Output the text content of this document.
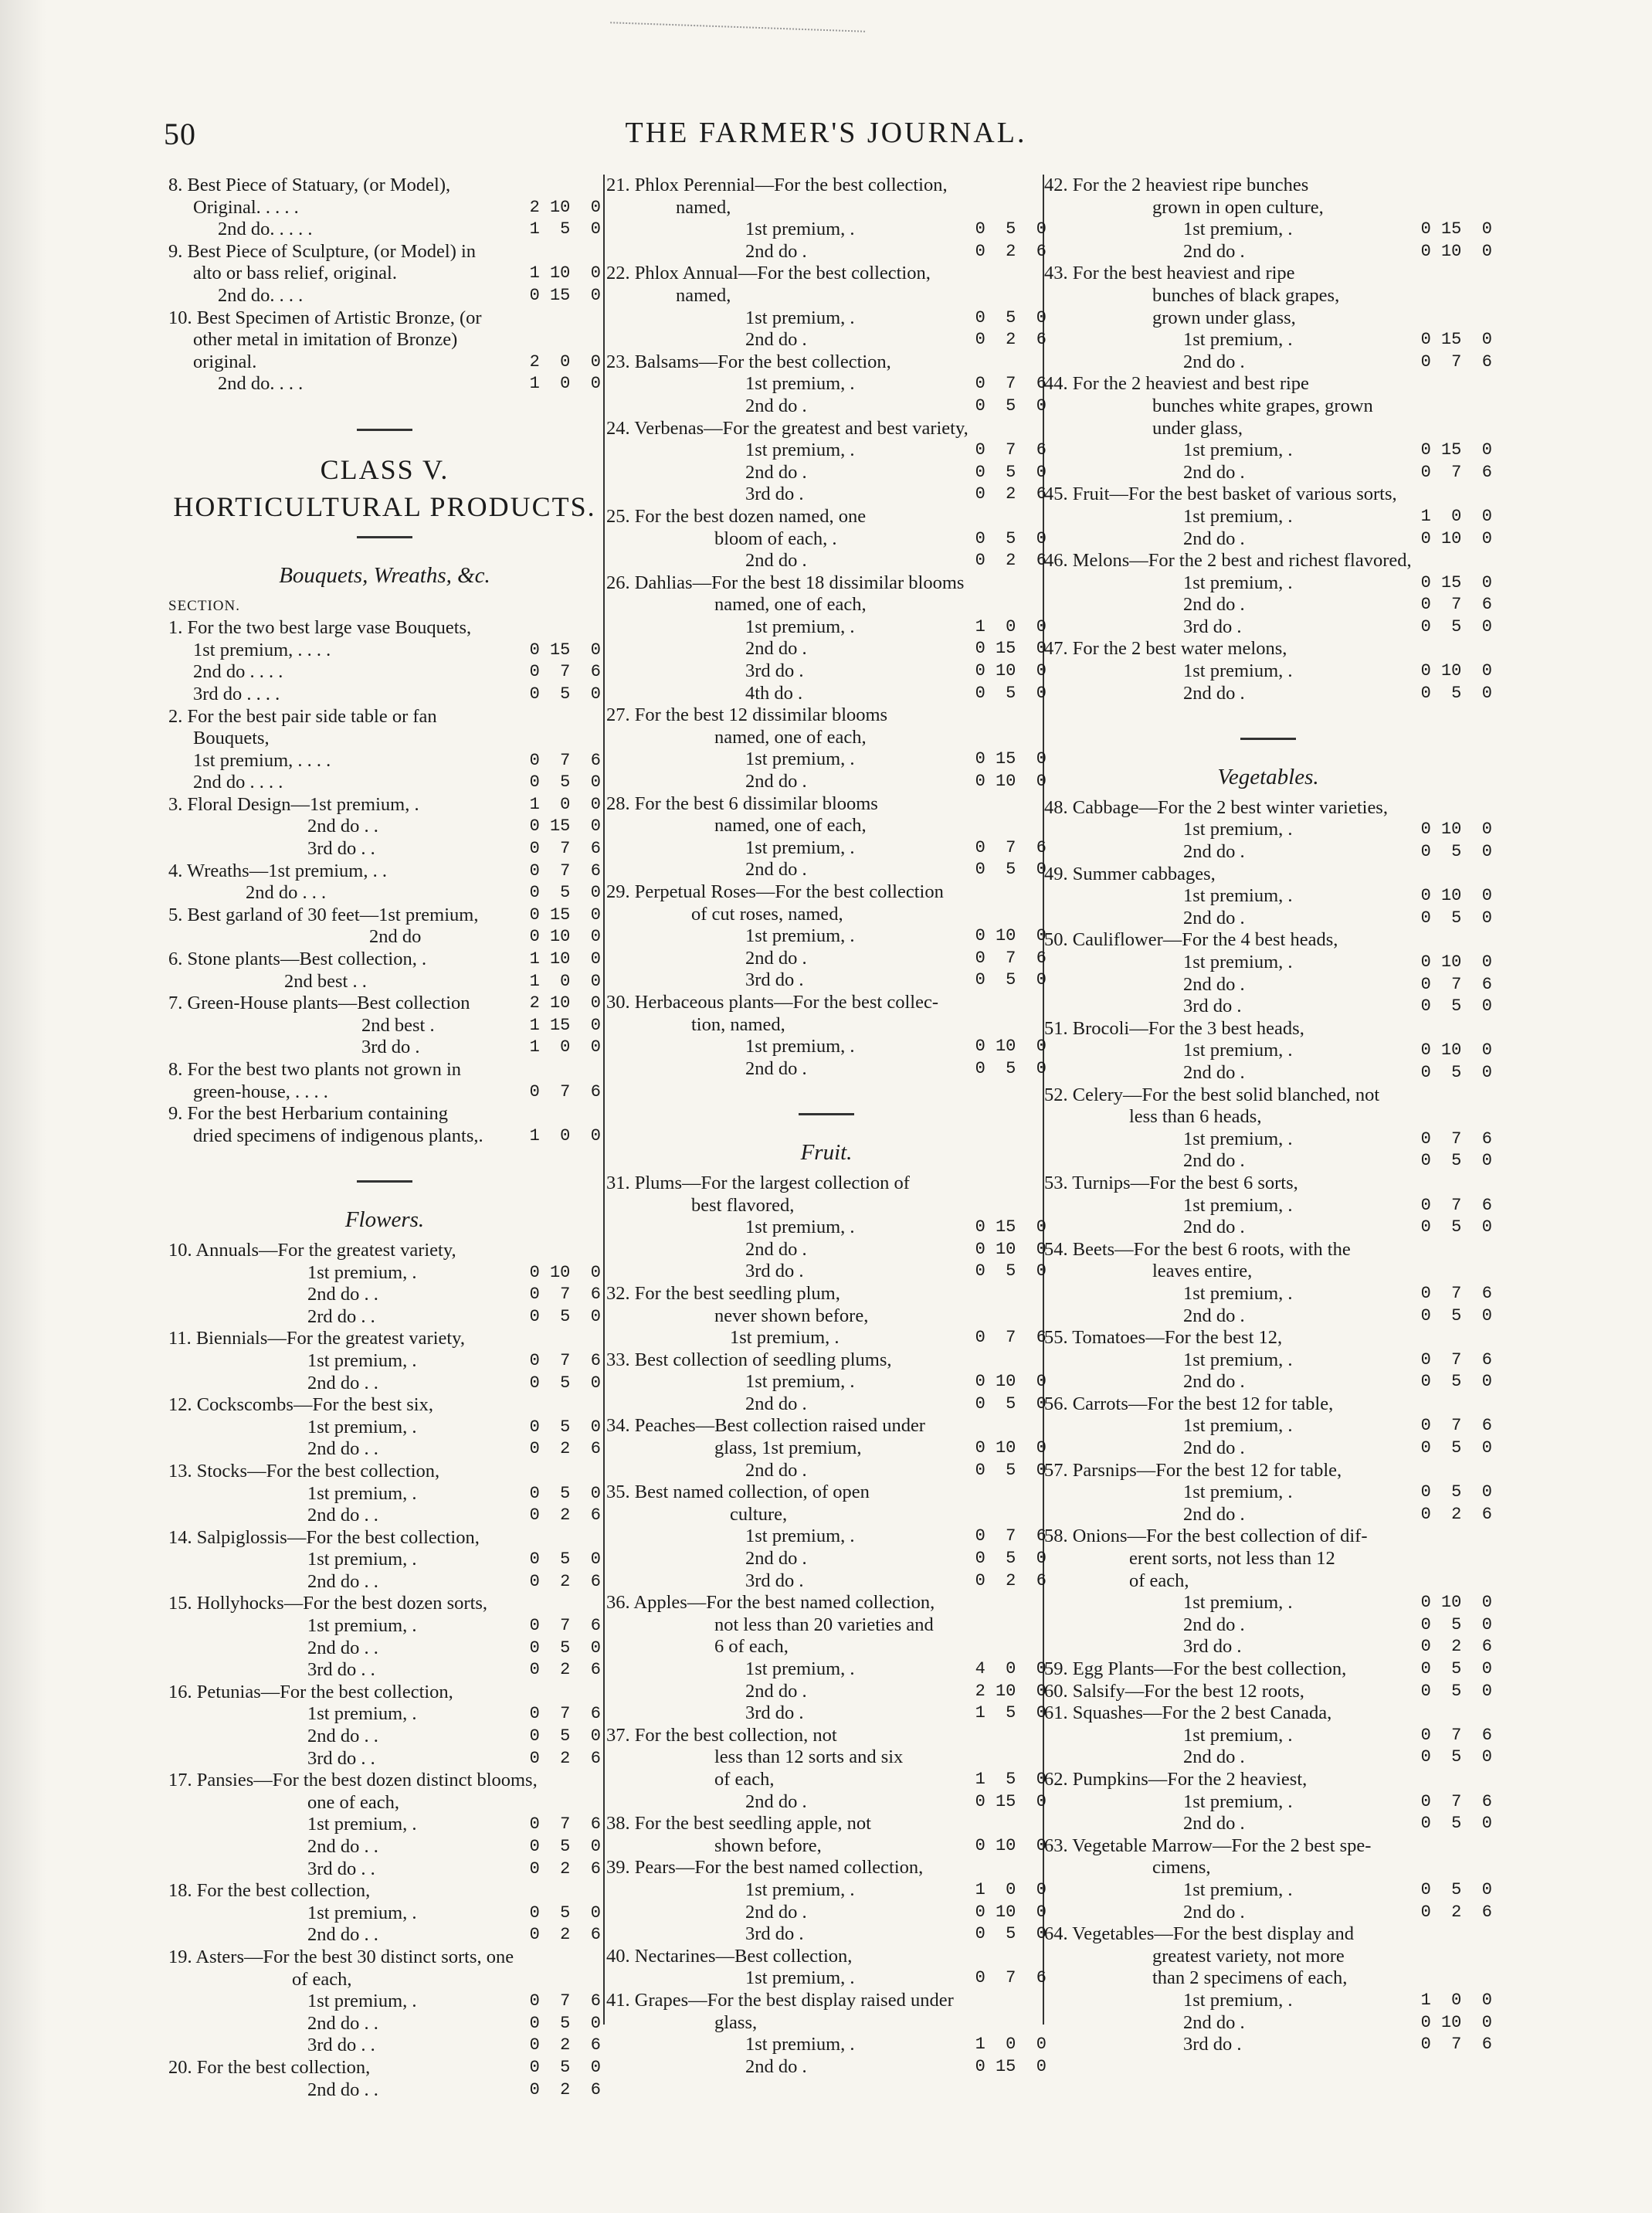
50	THE FARMER'S JOURNAL.
8. Best Piece of Statuary, (or Model),
Original. . . . .	2 10  0
2nd do. . . . .	1  5  0
9. Best Piece of Sculpture, (or Model) in
alto or bass relief, original.	1 10  0
2nd do. . . .	0 15  0
10. Best Specimen of Artistic Bronze, (or
other metal in imitation of Bronze)
original.	2  0  0
2nd do. . . .	1  0  0
CLASS V.
HORTICULTURAL PRODUCTS.
Bouquets, Wreaths, &c.
SECTION.
1. For the two best large vase Bouquets,
1st premium, . . . .	0 15  0
2nd do . . . .	0  7  6
3rd do . . . .	0  5  0
2. For the best pair side table or fan
Bouquets,
1st premium, . . . .	0  7  6
2nd do . . . .	0  5  0
3. Floral Design—1st premium, .	1  0  0
2nd do . .	0 15  0
3rd do . .	0  7  6
4. Wreaths—1st premium, . .	0  7  6
2nd do . . .	0  5  0
5. Best garland of 30 feet—1st premium,	0 15  0
2nd do	0 10  0
6. Stone plants—Best collection, .	1 10  0
2nd best . .	1  0  0
7. Green-House plants—Best collection	2 10  0
2nd best .	1 15  0
3rd do .	1  0  0
8. For the best two plants not grown in
green-house, . . . .	0  7  6
9. For the best Herbarium containing
dried specimens of indigenous plants,.	1  0  0
Flowers.
10. Annuals—For the greatest variety,
1st premium, .	0 10  0
2nd do . .	0  7  6
2rd do . .	0  5  0
11. Biennials—For the greatest variety,
1st premium, .	0  7  6
2nd do . .	0  5  0
12. Cockscombs—For the best six,
1st premium, .	0  5  0
2nd do . .	0  2  6
13. Stocks—For the best collection,
1st premium, .	0  5  0
2nd do . .	0  2  6
14. Salpiglossis—For the best collection,
1st premium, .	0  5  0
2nd do . .	0  2  6
15. Hollyhocks—For the best dozen sorts,
1st premium, .	0  7  6
2nd do . .	0  5  0
3rd do . .	0  2  6
16. Petunias—For the best collection,
1st premium, .	0  7  6
2nd do . .	0  5  0
3rd do . .	0  2  6
17. Pansies—For the best dozen distinct blooms,
one of each,
1st premium, .	0  7  6
2nd do . .	0  5  0
3rd do . .	0  2  6
18. For the best collection,
1st premium, .	0  5  0
2nd do . .	0  2  6
19. Asters—For the best 30 distinct sorts, one
of each,
1st premium, .	0  7  6
2nd do . .	0  5  0
3rd do . .	0  2  6
20. For the best collection,	0  5  0
2nd do . .	0  2  6
21. Phlox Perennial—For the best collection,
named,
1st premium, .	0  5  0
2nd do .	0  2  6
22. Phlox Annual—For the best collection,
named,
1st premium, .	0  5  0
2nd do .	0  2  6
23. Balsams—For the best collection,
1st premium, .	0  7  6
2nd do .	0  5  0
24. Verbenas—For the greatest and best variety,
1st premium, .	0  7  6
2nd do .	0  5  0
3rd do .	0  2  6
25. For the best dozen named, one
bloom of each, .	0  5  0
2nd do .	0  2  6
26. Dahlias—For the best 18 dissimilar blooms
named, one of each,
1st premium, .	1  0  0
2nd do .	0 15  0
3rd do .	0 10  0
4th do .	0  5  0
27. For the best 12 dissimilar blooms
named, one of each,
1st premium, .	0 15  0
2nd do .	0 10  0
28. For the best 6 dissimilar blooms
named, one of each,
1st premium, .	0  7  6
2nd do .	0  5  0
29. Perpetual Roses—For the best collection
of cut roses, named,
1st premium, .	0 10  0
2nd do .	0  7  6
3rd do .	0  5  0
30. Herbaceous plants—For the best collec-
tion, named,
1st premium, .	0 10  0
2nd do .	0  5  0
Fruit.
31. Plums—For the largest collection of
best flavored,
1st premium, .	0 15  0
2nd do .	0 10  0
3rd do .	0  5  0
32. For the best seedling plum,
never shown before,
1st premium, .	0  7  6
33. Best collection of seedling plums,
1st premium, .	0 10  0
2nd do .	0  5  0
34. Peaches—Best collection raised under
glass, 1st premium,	0 10  0
2nd do .	0  5  0
35. Best named collection, of open
culture,
1st premium, .	0  7  6
2nd do .	0  5  0
3rd do .	0  2  6
36. Apples—For the best named collection,
not less than 20 varieties and
6 of each,
1st premium, .	4  0  0
2nd do .	2 10  0
3rd do .	1  5  0
37. For the best collection, not
less than 12 sorts and six
of each,	1  5  0
2nd do .	0 15  0
38. For the best seedling apple, not
shown before,	0 10  0
39. Pears—For the best named collection,
1st premium, .	1  0  0
2nd do .	0 10  0
3rd do .	0  5  0
40. Nectarines—Best collection,
1st premium, .	0  7  6
41. Grapes—For the best display raised under
glass,
1st premium, .	1  0  0
2nd do .	0 15  0
42. For the 2 heaviest ripe bunches
grown in open culture,
1st premium, .	0 15  0
2nd do .	0 10  0
43. For the best heaviest and ripe
bunches of black grapes,
grown under glass,
1st premium, .	0 15  0
2nd do .	0  7  6
44. For the 2 heaviest and best ripe
bunches white grapes, grown
under glass,
1st premium, .	0 15  0
2nd do .	0  7  6
45. Fruit—For the best basket of various sorts,
1st premium, .	1  0  0
2nd do .	0 10  0
46. Melons—For the 2 best and richest flavored,
1st premium, .	0 15  0
2nd do .	0  7  6
3rd do .	0  5  0
47. For the 2 best water melons,
1st premium, .	0 10  0
2nd do .	0  5  0
Vegetables.
48. Cabbage—For the 2 best winter varieties,
1st premium, .	0 10  0
2nd do .	0  5  0
49. Summer cabbages,
1st premium, .	0 10  0
2nd do .	0  5  0
50. Cauliflower—For the 4 best heads,
1st premium, .	0 10  0
2nd do .	0  7  6
3rd do .	0  5  0
51. Brocoli—For the 3 best heads,
1st premium, .	0 10  0
2nd do .	0  5  0
52. Celery—For the best solid blanched, not
less than 6 heads,
1st premium, .	0  7  6
2nd do .	0  5  0
53. Turnips—For the best 6 sorts,
1st premium, .	0  7  6
2nd do .	0  5  0
54. Beets—For the best 6 roots, with the
leaves entire,
1st premium, .	0  7  6
2nd do .	0  5  0
55. Tomatoes—For the best 12,
1st premium, .	0  7  6
2nd do .	0  5  0
56. Carrots—For the best 12 for table,
1st premium, .	0  7  6
2nd do .	0  5  0
57. Parsnips—For the best 12 for table,
1st premium, .	0  5  0
2nd do .	0  2  6
58. Onions—For the best collection of dif-
erent sorts, not less than 12
of each,
1st premium, .	0 10  0
2nd do .	0  5  0
3rd do .	0  2  6
59. Egg Plants—For the best collection,	0  5  0
60. Salsify—For the best 12 roots,	0  5  0
61. Squashes—For the 2 best Canada,
1st premium, .	0  7  6
2nd do .	0  5  0
62. Pumpkins—For the 2 heaviest,
1st premium, .	0  7  6
2nd do .	0  5  0
63. Vegetable Marrow—For the 2 best spe-
cimens,
1st premium, .	0  5  0
2nd do .	0  2  6
64. Vegetables—For the best display and
greatest variety, not more
than 2 specimens of each,
1st premium, .	1  0  0
2nd do .	0 10  0
3rd do .	0  7  6
